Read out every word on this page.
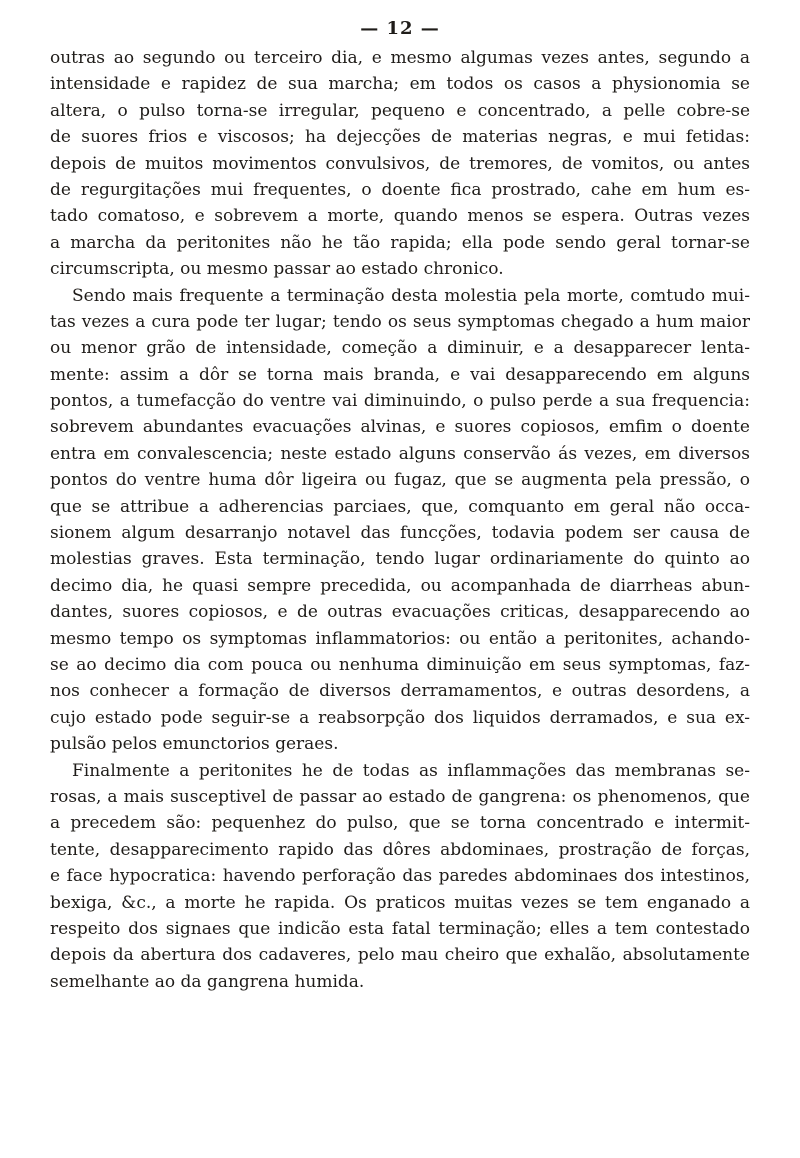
— 12 —
outras ao segundo ou terceiro dia, e mesmo algumas vezes antes, segundo a
intensidade e rapidez de sua marcha; em todos os casos a physionomia se
altera, o pulso torna-se irregular, pequeno e concentrado, a pelle cobre-se
de suores frios e viscosos; ha dejecções de materias negras, e mui fetidas:
depois de muitos movimentos convulsivos, de tremores, de vomitos, ou antes
de regurgitações mui frequentes, o doente fica prostrado, cahe em hum es-
tado comatoso, e sobrevem a morte, quando menos se espera. Outras vezes
a marcha da peritonites não he tão rapida; ella pode sendo geral tornar-se
circumscripta, ou mesmo passar ao estado chronico.
Sendo mais frequente a terminação desta molestia pela morte, comtudo mui-
tas vezes a cura pode ter lugar; tendo os seus symptomas chegado a hum maior
ou menor grão de intensidade, começão a diminuir, e a desapparecer lenta-
mente: assim a dôr se torna mais branda, e vai desapparecendo em alguns
pontos, a tumefacção do ventre vai diminuindo, o pulso perde a sua frequencia:
sobrevem abundantes evacuações alvinas, e suores copiosos, emfim o doente
entra em convalescencia; neste estado alguns conservão ás vezes, em diversos
pontos do ventre huma dôr ligeira ou fugaz, que se augmenta pela pressão, o
que se attribue a adherencias parciaes, que, comquanto em geral não occa-
sionem algum desarranjo notavel das funcções, todavia podem ser causa de
molestias graves. Esta terminação, tendo lugar ordinariamente do quinto ao
decimo dia, he quasi sempre precedida, ou acompanhada de diarrheas abun-
dantes, suores copiosos, e de outras evacuações criticas, desapparecendo ao
mesmo tempo os symptomas inflammatorios: ou então a peritonites, achando-
se ao decimo dia com pouca ou nenhuma diminuição em seus symptomas, faz-
nos conhecer a formação de diversos derramamentos, e outras desordens, a
cujo estado pode seguir-se a reabsorpção dos liquidos derramados, e sua ex-
pulsão pelos emunctorios geraes.
Finalmente a peritonites he de todas as inflammações das membranas se-
rosas, a mais susceptivel de passar ao estado de gangrena: os phenomenos, que
a precedem são: pequenhez do pulso, que se torna concentrado e intermit-
tente, desapparecimento rapido das dôres abdominaes, prostração de forças,
e face hypocratica: havendo perforação das paredes abdominaes dos intestinos,
bexiga, &c., a morte he rapida. Os praticos muitas vezes se tem enganado a
respeito dos signaes que indicão esta fatal terminação; elles a tem contestado
depois da abertura dos cadaveres, pelo mau cheiro que exhalão, absolutamente
semelhante ao da gangrena humida.
